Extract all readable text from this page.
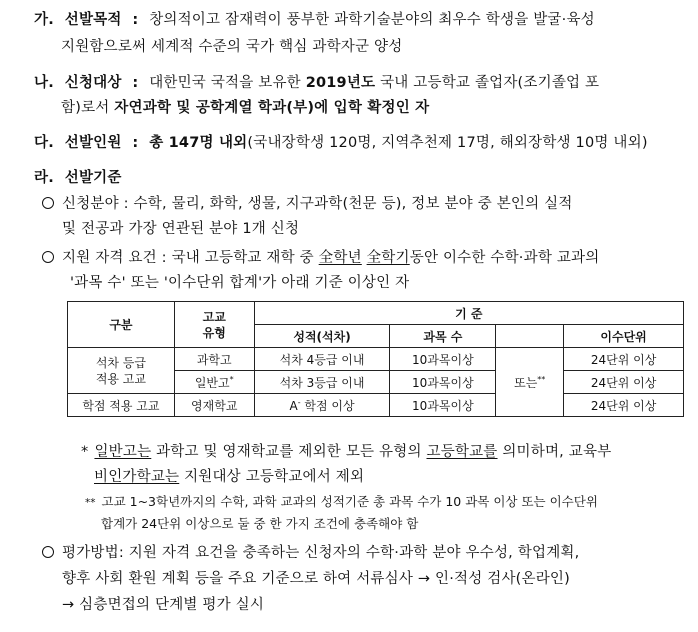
가. 선발목적 : 창의적이고 잠재력이 풍부한 과학기술분야의 최우수 학생을 발굴·육성
지원함으로써 세계적 수준의 국가 핵심 과학자군 양성
나. 신청대상 : 대한민국 국적을 보유한 2019년도 국내 고등학교 졸업자(조기졸업 포
함)로서 자연과학 및 공학계열 학과(부)에 입학 확정인 자
다. 선발인원 : 총 147명 내외(국내장학생 120명, 지역추천제 17명, 해외장학생 10명 내외)
라. 선발기준
신청분야 : 수학, 물리, 화학, 생물, 지구과학(천문 등), 정보 분야 중 본인의 실적
및 전공과 가장 연관된 분야 1개 신청
지원 자격 요건 : 국내 고등학교 재학 중 全학년 全학기동안 이수한 수학·과학 교과의
'과목 수' 또는 '이수단위 합계'가 아래 기준 이상인 자
구분	고교
유형	기 준			
		성적(석차)	과목 수		이수단위
석차 등급
적용 고교	과학고	석차 4등급 이내	10과목이상	또는**	24단위 이상
	일반고*	석차 3등급 이내	10과목이상		24단위 이상
학점 적용 고교	영재학교	A- 학점 이상	10과목이상		24단위 이상
* 일반고는 과학고 및 영재학교를 제외한 모든 유형의 고등학교를 의미하며, 교육부
비인가학교는 지원대상 고등학교에서 제외
** 고교 1~3학년까지의 수학, 과학 교과의 성적기준 총 과목 수가 10 과목 이상 또는 이수단위
합계가 24단위 이상으로 둘 중 한 가지 조건에 충족해야 함
평가방법: 지원 자격 요건을 충족하는 신청자의 수학·과학 분야 우수성, 학업계획,
향후 사회 환원 계획 등을 주요 기준으로 하여 서류심사 → 인·적성 검사(온라인)
→ 심층면접의 단계별 평가 실시
